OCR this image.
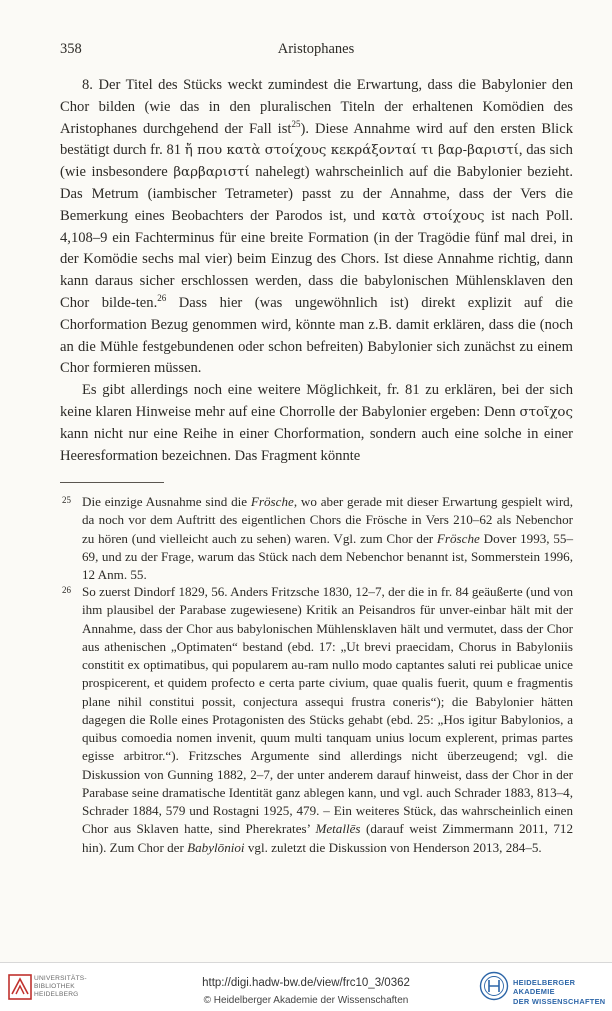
358	Aristophanes

8. Der Titel des Stücks weckt zumindest die Erwartung, dass die Babylonier den Chor bilden (wie das in den pluralischen Titeln der erhaltenen Komödien des Aristophanes durchgehend der Fall ist$^{25}$). Diese Annahme wird auf den ersten Blick bestätigt durch fr. 81 ἤ που κατὰ στοίχους κεκράξονταί τι βαρ-βαριστί, das sich (wie insbesondere βαρβαριστί nahelegt) wahrscheinlich auf die Babylonier bezieht. Das Metrum (iambischer Tetrameter) passt zu der Annahme, dass der Vers die Bemerkung eines Beobachters der Parodos ist, und κατὰ στοίχους ist nach Poll. 4,108–9 ein Fachterminus für eine breite Formation (in der Tragödie fünf mal drei, in der Komödie sechs mal vier) beim Einzug des Chors. Ist diese Annahme richtig, dann kann daraus sicher erschlossen werden, dass die babylonischen Mühlensklaven den Chor bilde-ten.$^{26}$ Dass hier (was ungewöhnlich ist) direkt explizit auf die Chorformation Bezug genommen wird, könnte man z.B. damit erklären, dass die (noch an die Mühle festgebundenen oder schon befreiten) Babylonier sich zunächst zu einem Chor formieren müssen.

Es gibt allerdings noch eine weitere Möglichkeit, fr. 81 zu erklären, bei der sich keine klaren Hinweise mehr auf eine Chorrolle der Babylonier ergeben: Denn στοῖχος kann nicht nur eine Reihe in einer Chorformation, sondern auch eine solche in einer Heeresformation bezeichnen. Das Fragment könnte

25 Die einzige Ausnahme sind die Frösche, wo aber gerade mit dieser Erwartung gespielt wird, da noch vor dem Auftritt des eigentlichen Chors die Frösche in Vers 210–62 als Nebenchor zu hören (und vielleicht auch zu sehen) waren. Vgl. zum Chor der Frösche Dover 1993, 55–69, und zu der Frage, warum das Stück nach dem Nebenchor benannt ist, Sommerstein 1996, 12 Anm. 55.
26 So zuerst Dindorf 1829, 56. Anders Fritzsche 1830, 12–7, der die in fr. 84 geäußerte (und von ihm plausibel der Parabase zugewiesene) Kritik an Peisandros für unver-einbar hält mit der Annahme, dass der Chor aus babylonischen Mühlensklaven hält und vermutet, dass der Chor aus athenischen „Optimaten“ bestand (ebd. 17: „Ut brevi praecidam, Chorus in Babyloniis constitit ex optimatibus, qui popularem au-ram nullo modo captantes saluti rei publicae unice prospicerent, et quidem profecto e certa parte civium, quae qualis fuerit, quum e fragmentis plane nihil constitui possit, conjectura assequi frustra coneris“); die Babylonier hätten dagegen die Rolle eines Protagonisten des Stücks gehabt (ebd. 25: „Hos igitur Babylonios, a quibus comoedia nomen invenit, quum multi tanquam unius locum explerent, primas partes egisse arbitror.“). Fritzsches Argumente sind allerdings nicht überzeugend; vgl. die Diskussion von Gunning 1882, 2–7, der unter anderem darauf hinweist, dass der Chor in der Parabase seine dramatische Identität ganz ablegen kann, und vgl. auch Schrader 1883, 813–4, Schrader 1884, 579 und Rostagni 1925, 479. – Ein weiteres Stück, das wahrscheinlich einen Chor aus Sklaven hatte, sind Pherekrates’ Metallēs (darauf weist Zimmermann 2011, 712 hin). Zum Chor der Babylōnioi vgl. zuletzt die Diskussion von Henderson 2013, 284–5.
UNIVERSITÄTS-
BIBLIOTHEK
HEIDELBERG
http://digi.hadw-bw.de/view/frc10_3/0362
© Heidelberger Akademie der Wissenschaften
HEIDELBERGER AKADEMIE
DER WISSENSCHAFTEN
